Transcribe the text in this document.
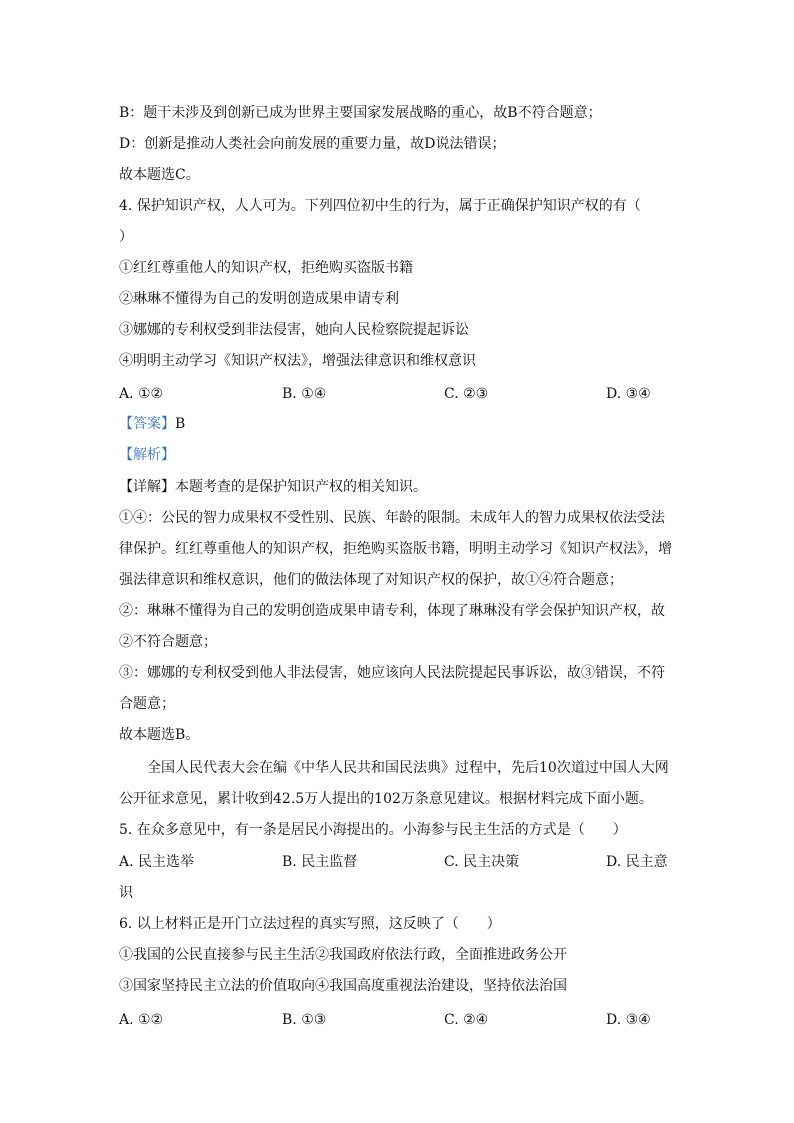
B：题干未涉及到创新已成为世界主要国家发展战略的重心，故B不符合题意；
D：创新是推动人类社会向前发展的重要力量，故D说法错误；
故本题选C。
4. 保护知识产权，人人可为。下列四位初中生的行为，属于正确保护知识产权的有（
）
①红红尊重他人的知识产权，拒绝购买盗版书籍
②琳琳不懂得为自己的发明创造成果申请专利
③娜娜的专利权受到非法侵害，她向人民检察院提起诉讼
④明明主动学习《知识产权法》，增强法律意识和维权意识
A. ①②	B. ①④	C. ②③	D. ③④
【答案】B
【解析】
【详解】本题考查的是保护知识产权的相关知识。
①④：公民的智力成果权不受性别、民族、年龄的限制。未成年人的智力成果权依法受法
律保护。红红尊重他人的知识产权，拒绝购买盗版书籍，明明主动学习《知识产权法》，增
强法律意识和维权意识，他们的做法体现了对知识产权的保护，故①④符合题意；
②：琳琳不懂得为自己的发明创造成果申请专利，体现了琳琳没有学会保护知识产权，故
②不符合题意；
③：娜娜的专利权受到他人非法侵害，她应该向人民法院提起民事诉讼，故③错误，不符
合题意；
故本题选B。
全国人民代表大会在编《中华人民共和国民法典》过程中，先后10次道过中国人大网
公开征求意见，累计收到42.5万人提出的102万条意见建议。根据材料完成下面小题。
5. 在众多意见中，有一条是居民小海提出的。小海参与民主生活的方式是（　　）
A. 民主选举	B. 民主监督	C. 民主决策	D. 民主意
识
6. 以上材料正是开门立法过程的真实写照，这反映了（　　）
①我国的公民直接参与民主生活②我国政府依法行政，全面推进政务公开
③国家坚持民主立法的价值取向④我国高度重视法治建设，坚持依法治国
A. ①②	B. ①③	C. ②④	D. ③④
